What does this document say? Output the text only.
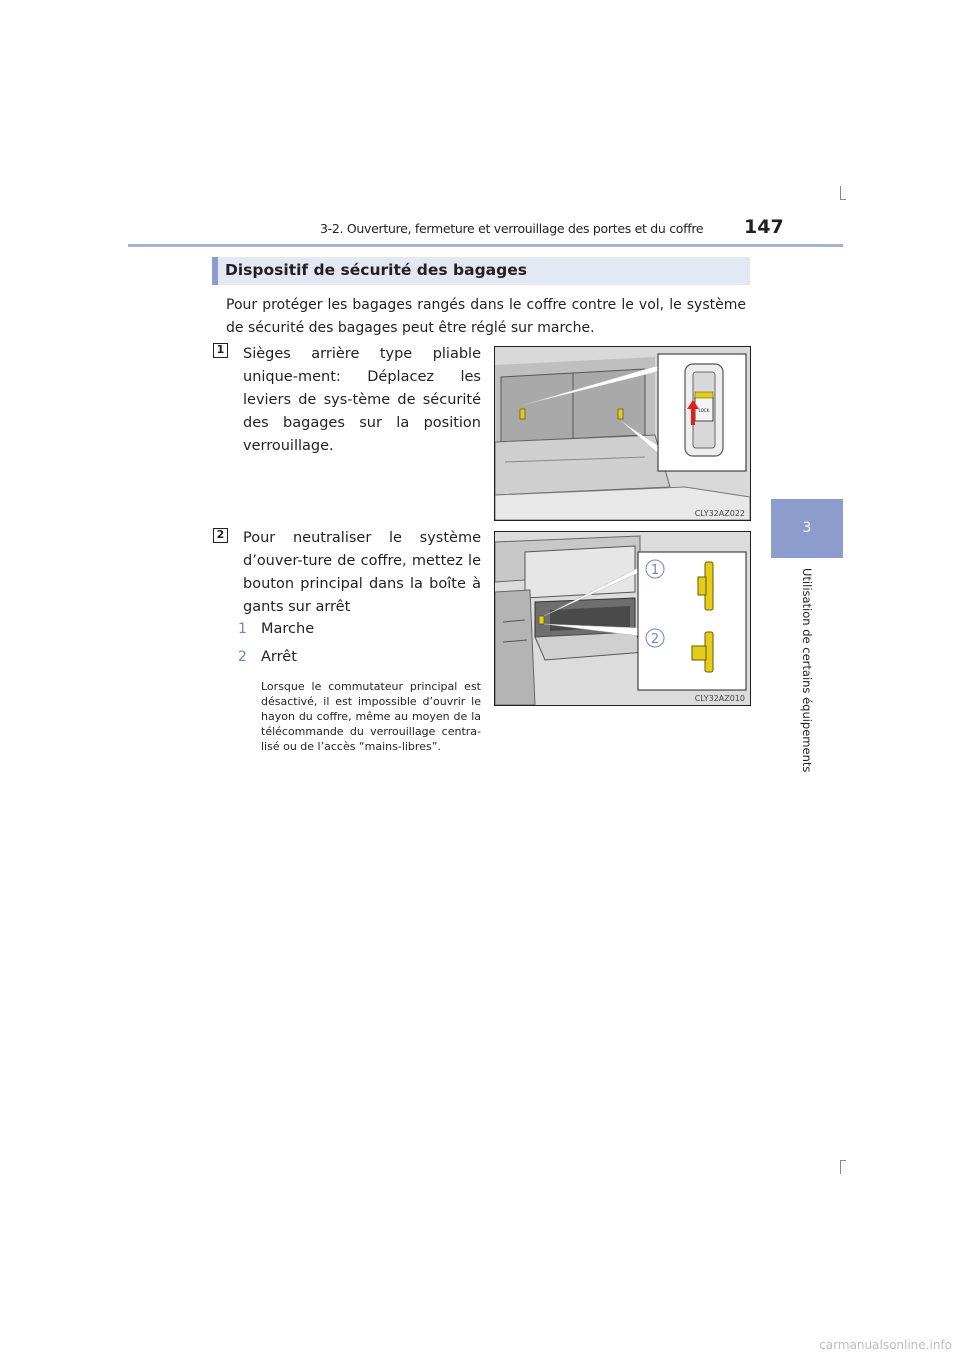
3-2. Ouverture, fermeture et verrouillage des portes et du coffre 147
3
Utilisation de certains équipements
Dispositif de sécurité des bagages
Pour protéger les bagages rangés dans le coffre contre le vol, le système de sécurité des bagages peut être réglé sur marche.
1 Sièges arrière type pliable unique-ment: Déplacez les leviers de sys-tème de sécurité des bagages sur la position verrouillage.
LOCK
CLY32AZ022
2 Pour neutraliser le système d’ouver-ture de coffre, mettez le bouton principal dans la boîte à gants sur arrêt
1 Marche
2 Arrêt
Lorsque le commutateur principal est désactivé, il est impossible d’ouvrir le hayon du coffre, même au moyen de la télécommande du verrouillage centra-lisé ou de l’accès “mains-libres”.
1
2
CLY32AZ010
carmanualsonline.info
